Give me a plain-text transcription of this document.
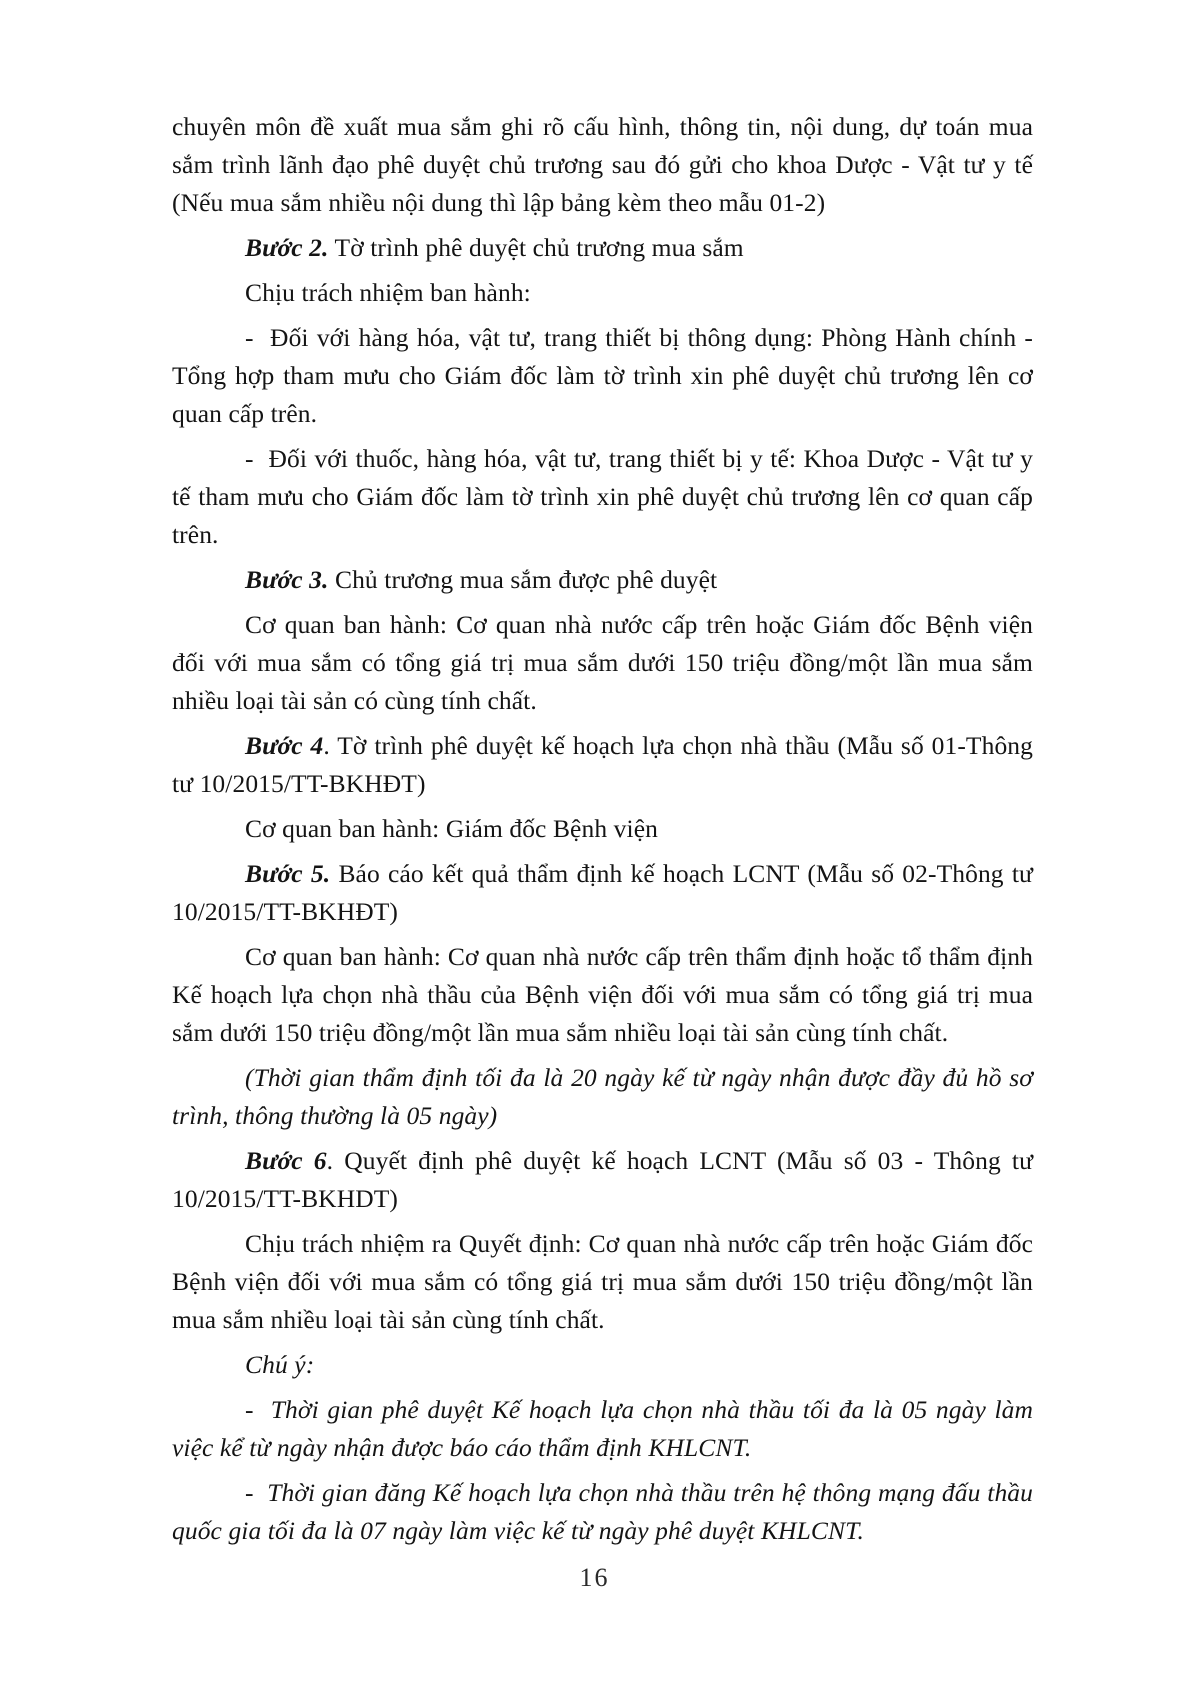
chuyên môn đề xuất mua sắm ghi rõ cấu hình, thông tin, nội dung, dự toán mua sắm trình lãnh đạo phê duyệt chủ trương sau đó gửi cho khoa Dược - Vật tư y tế (Nếu mua sắm nhiều nội dung thì lập bảng kèm theo mẫu 01-2)

Bước 2. Tờ trình phê duyệt chủ trương mua sắm

Chịu trách nhiệm ban hành:

-  Đối với hàng hóa, vật tư, trang thiết bị thông dụng: Phòng Hành chính - Tổng hợp tham mưu cho Giám đốc làm tờ trình xin phê duyệt chủ trương lên cơ quan cấp trên.

-  Đối với thuốc, hàng hóa, vật tư, trang thiết bị y tế: Khoa Dược - Vật tư y tế tham mưu cho Giám đốc làm tờ trình xin phê duyệt chủ trương lên cơ quan cấp trên.

Bước 3. Chủ trương mua sắm được phê duyệt

Cơ quan ban hành: Cơ quan nhà nước cấp trên hoặc Giám đốc Bệnh viện đối với mua sắm có tổng giá trị mua sắm dưới 150 triệu đồng/một lần mua sắm nhiều loại tài sản có cùng tính chất.

Bước 4. Tờ trình phê duyệt kế hoạch lựa chọn nhà thầu (Mẫu số 01-Thông tư 10/2015/TT-BKHĐT)

Cơ quan ban hành: Giám đốc Bệnh viện

Bước 5. Báo cáo kết quả thẩm định kế hoạch LCNT (Mẫu số 02-Thông tư 10/2015/TT-BKHĐT)

Cơ quan ban hành: Cơ quan nhà nước cấp trên thẩm định hoặc tổ thẩm định Kế hoạch lựa chọn nhà thầu của Bệnh viện đối với mua sắm có tổng giá trị mua sắm dưới 150 triệu đồng/một lần mua sắm nhiều loại tài sản cùng tính chất.

(Thời gian thẩm định tối đa là 20 ngày kế từ ngày nhận được đầy đủ hồ sơ trình, thông thường là 05 ngày)

Bước 6. Quyết định phê duyệt kế hoạch LCNT (Mẫu số 03 - Thông tư 10/2015/TT-BKHDT)

Chịu trách nhiệm ra Quyết định: Cơ quan nhà nước cấp trên hoặc Giám đốc Bệnh viện đối với mua sắm có tổng giá trị mua sắm dưới 150 triệu đồng/một lần mua sắm nhiều loại tài sản cùng tính chất.

Chú ý:

-  Thời gian phê duyệt Kế hoạch lựa chọn nhà thầu tối đa là 05 ngày làm việc kể từ ngày nhận được báo cáo thẩm định KHLCNT.

-  Thời gian đăng Kế hoạch lựa chọn nhà thầu trên hệ thông mạng đấu thầu quốc gia tối đa là 07 ngày làm việc kế từ ngày phê duyệt KHLCNT.

16
